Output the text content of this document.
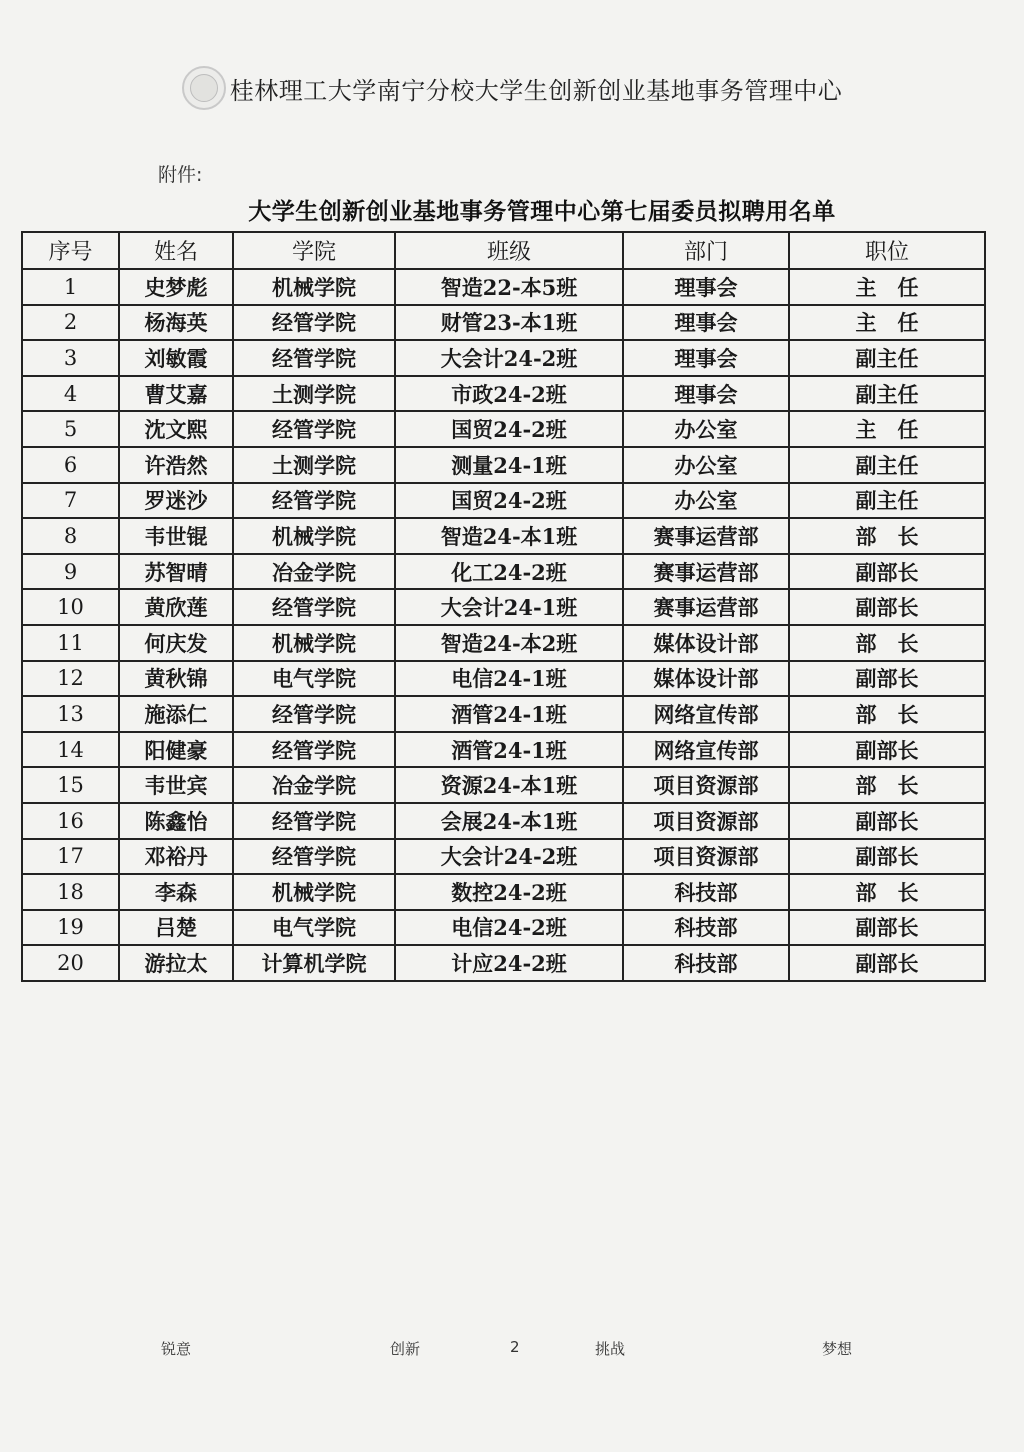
桂林理工大学南宁分校大学生创新创业基地事务管理中心
附件:
大学生创新创业基地事务管理中心第七届委员拟聘用名单
序号	姓名	学院	班级	部门	职位
1	史梦彪	机械学院	智造22-本5班	理事会	主　任
2	杨海英	经管学院	财管23-本1班	理事会	主　任
3	刘敏霞	经管学院	大会计24-2班	理事会	副主任
4	曹艾嘉	土测学院	市政24-2班	理事会	副主任
5	沈文熙	经管学院	国贸24-2班	办公室	主　任
6	许浩然	土测学院	测量24-1班	办公室	副主任
7	罗迷沙	经管学院	国贸24-2班	办公室	副主任
8	韦世锟	机械学院	智造24-本1班	赛事运营部	部　长
9	苏智晴	冶金学院	化工24-2班	赛事运营部	副部长
10	黄欣莲	经管学院	大会计24-1班	赛事运营部	副部长
11	何庆发	机械学院	智造24-本2班	媒体设计部	部　长
12	黄秋锦	电气学院	电信24-1班	媒体设计部	副部长
13	施添仁	经管学院	酒管24-1班	网络宣传部	部　长
14	阳健豪	经管学院	酒管24-1班	网络宣传部	副部长
15	韦世宾	冶金学院	资源24-本1班	项目资源部	部　长
16	陈鑫怡	经管学院	会展24-本1班	项目资源部	副部长
17	邓裕丹	经管学院	大会计24-2班	项目资源部	副部长
18	李森	机械学院	数控24-2班	科技部	部　长
19	吕楚	电气学院	电信24-2班	科技部	副部长
20	游拉太	计算机学院	计应24-2班	科技部	副部长
锐意	创新	2	挑战	梦想
